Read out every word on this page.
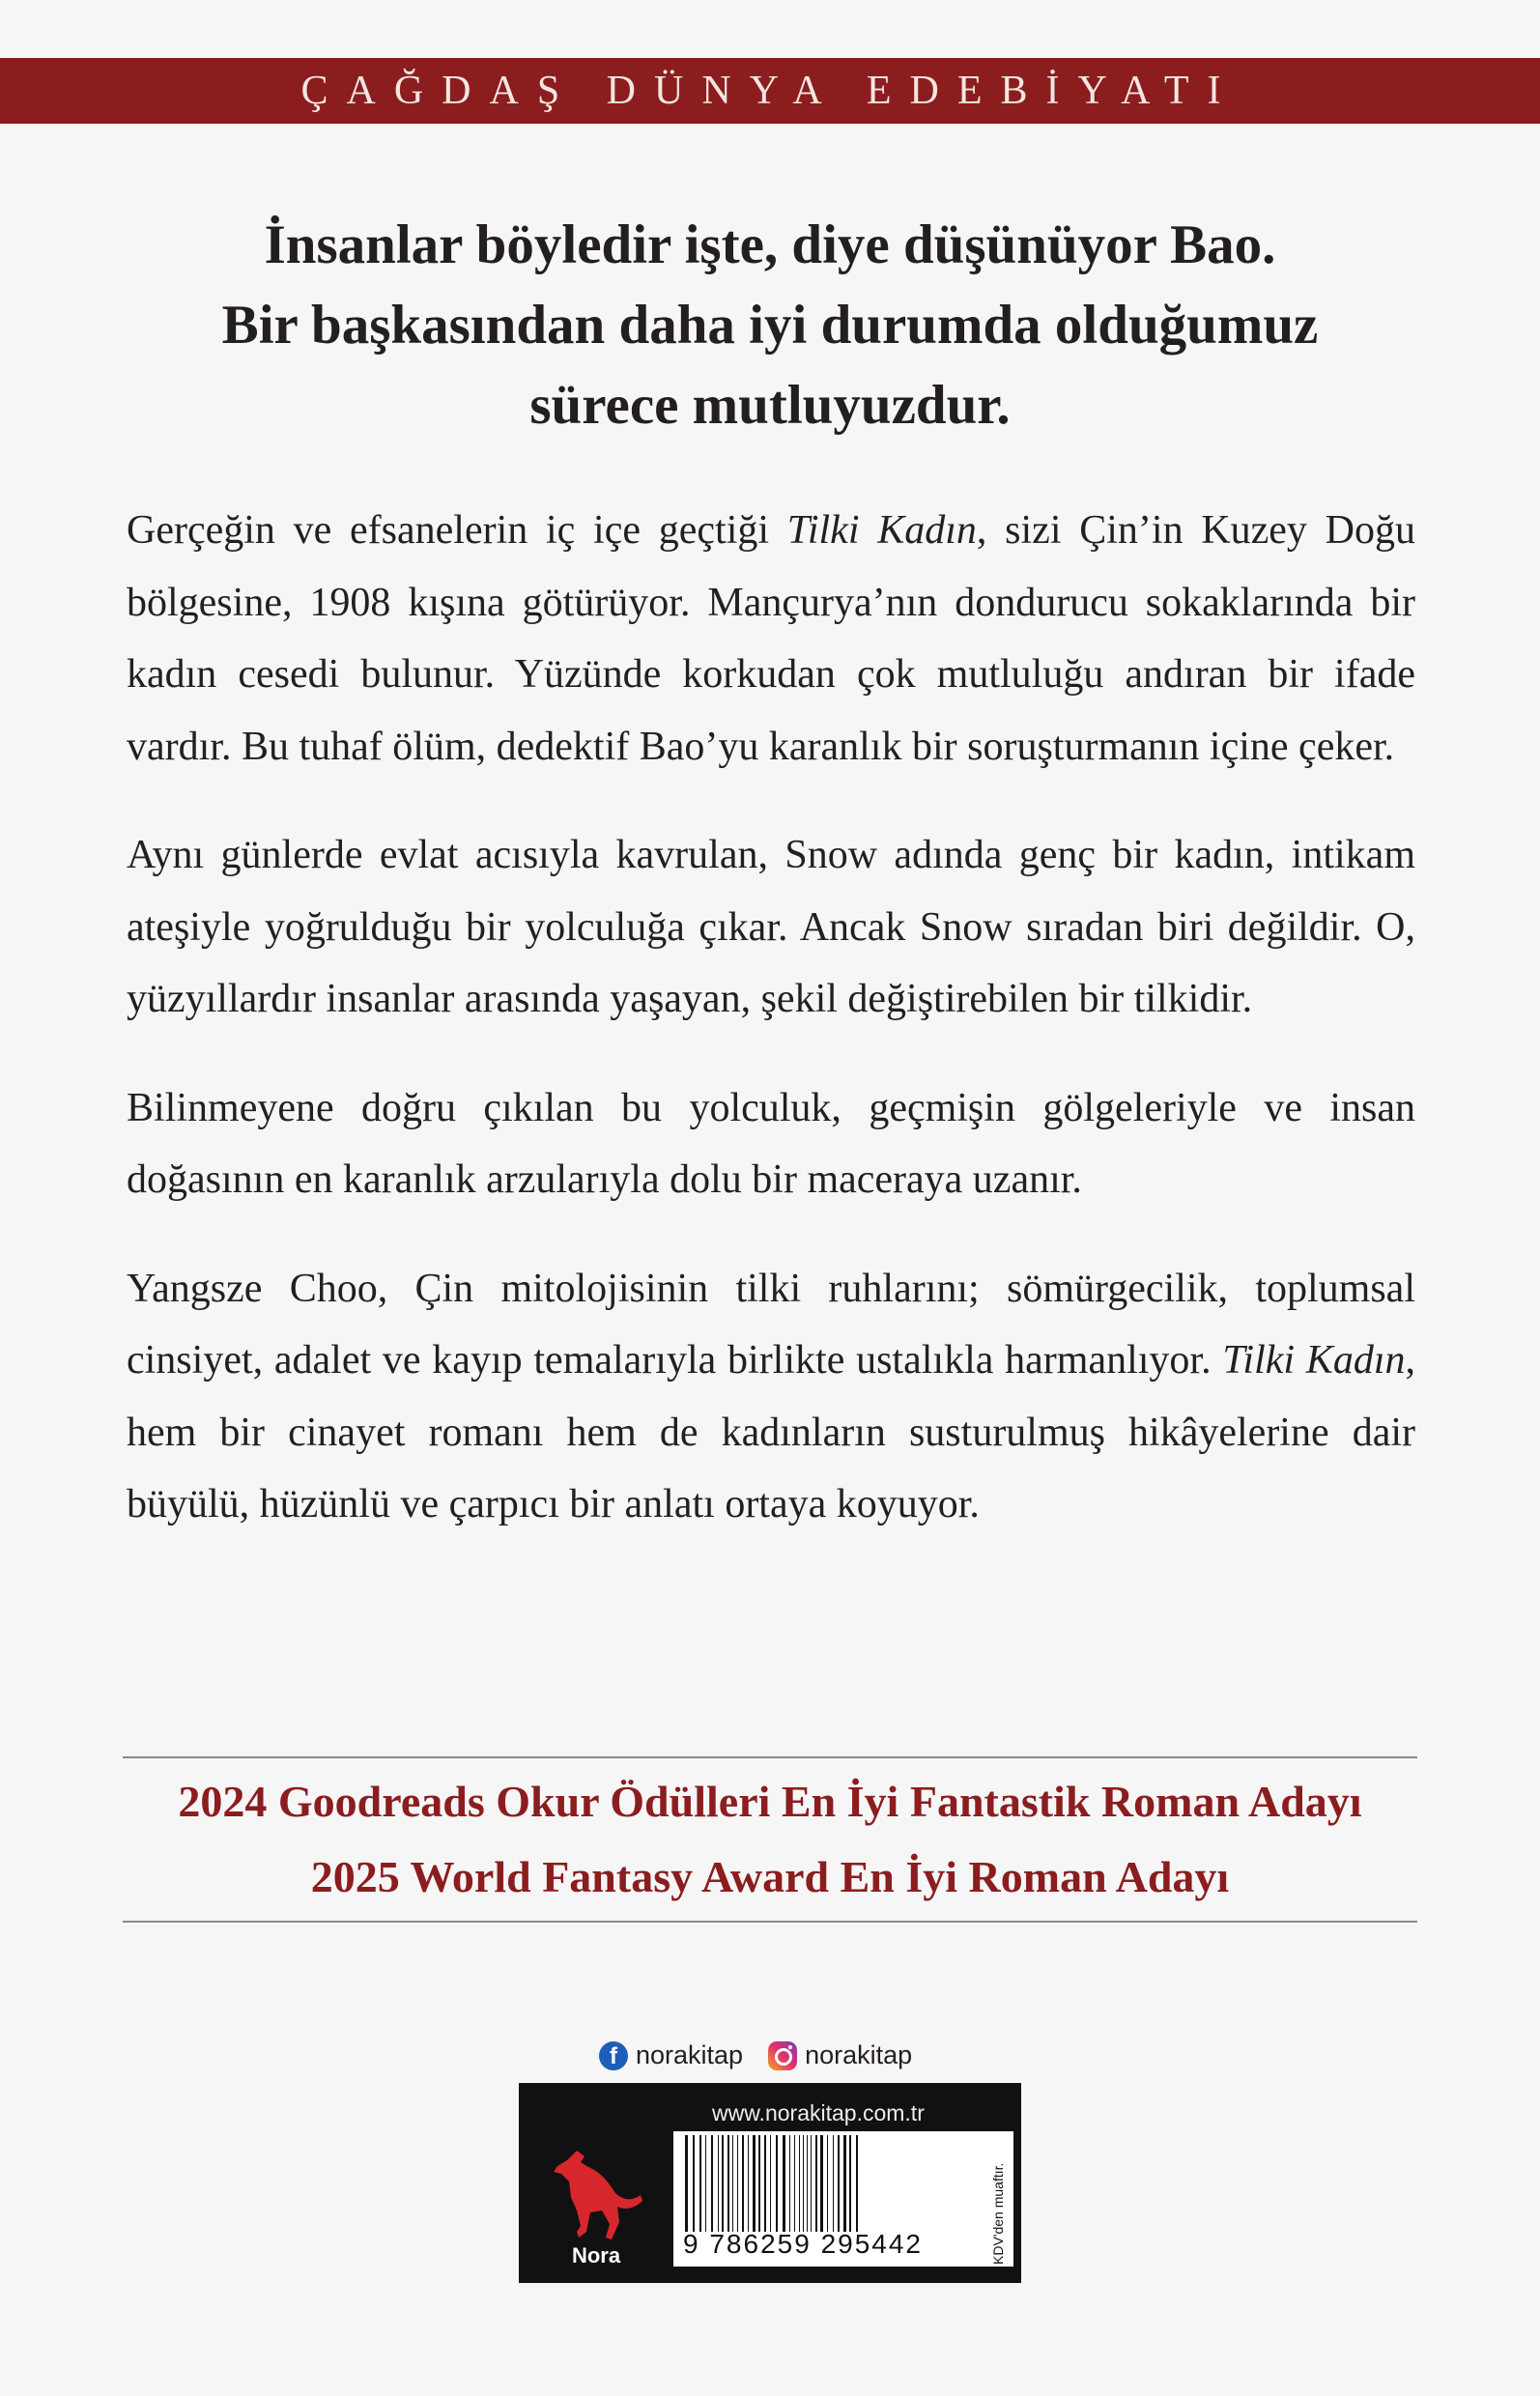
ÇAĞDAŞ DÜNYA EDEBİYATI
İnsanlar böyledir işte, diye düşünüyor Bao.
Bir başkasından daha iyi durumda olduğumuz
sürece mutluyuzdur.

Gerçeğin ve efsanelerin iç içe geçtiği Tilki Kadın, sizi Çin’in Kuzey Doğu bölgesine, 1908 kışına götürüyor. Mançurya’nın dondurucu sokaklarında bir kadın cesedi bulunur. Yüzünde korkudan çok mutluluğu andıran bir ifade vardır. Bu tuhaf ölüm, dedektif Bao’yu karanlık bir soruşturmanın içine çeker.

Aynı günlerde evlat acısıyla kavrulan, Snow adında genç bir kadın, intikam ateşiyle yoğrulduğu bir yolculuğa çıkar. Ancak Snow sıradan biri değildir. O, yüzyıllardır insanlar arasında yaşayan, şekil değiştirebilen bir tilkidir.

Bilinmeyene doğru çıkılan bu yolculuk, geçmişin gölgeleriyle ve insan doğasının en karanlık arzularıyla dolu bir maceraya uzanır.

Yangsze Choo, Çin mitolojisinin tilki ruhlarını; sömürgecilik, toplumsal cinsiyet, adalet ve kayıp temalarıyla birlikte ustalıkla harmanlıyor. Tilki Kadın, hem bir cinayet romanı hem de kadınların susturulmuş hikâyelerine dair büyülü, hüzünlü ve çarpıcı bir anlatı ortaya koyuyor.

2024 Goodreads Okur Ödülleri En İyi Fantastik Roman Adayı
2025 World Fantasy Award En İyi Roman Adayı
f norakitap norakitap
www.norakitap.com.tr
Nora 9 786259 295442	KDV'den muaftır.
